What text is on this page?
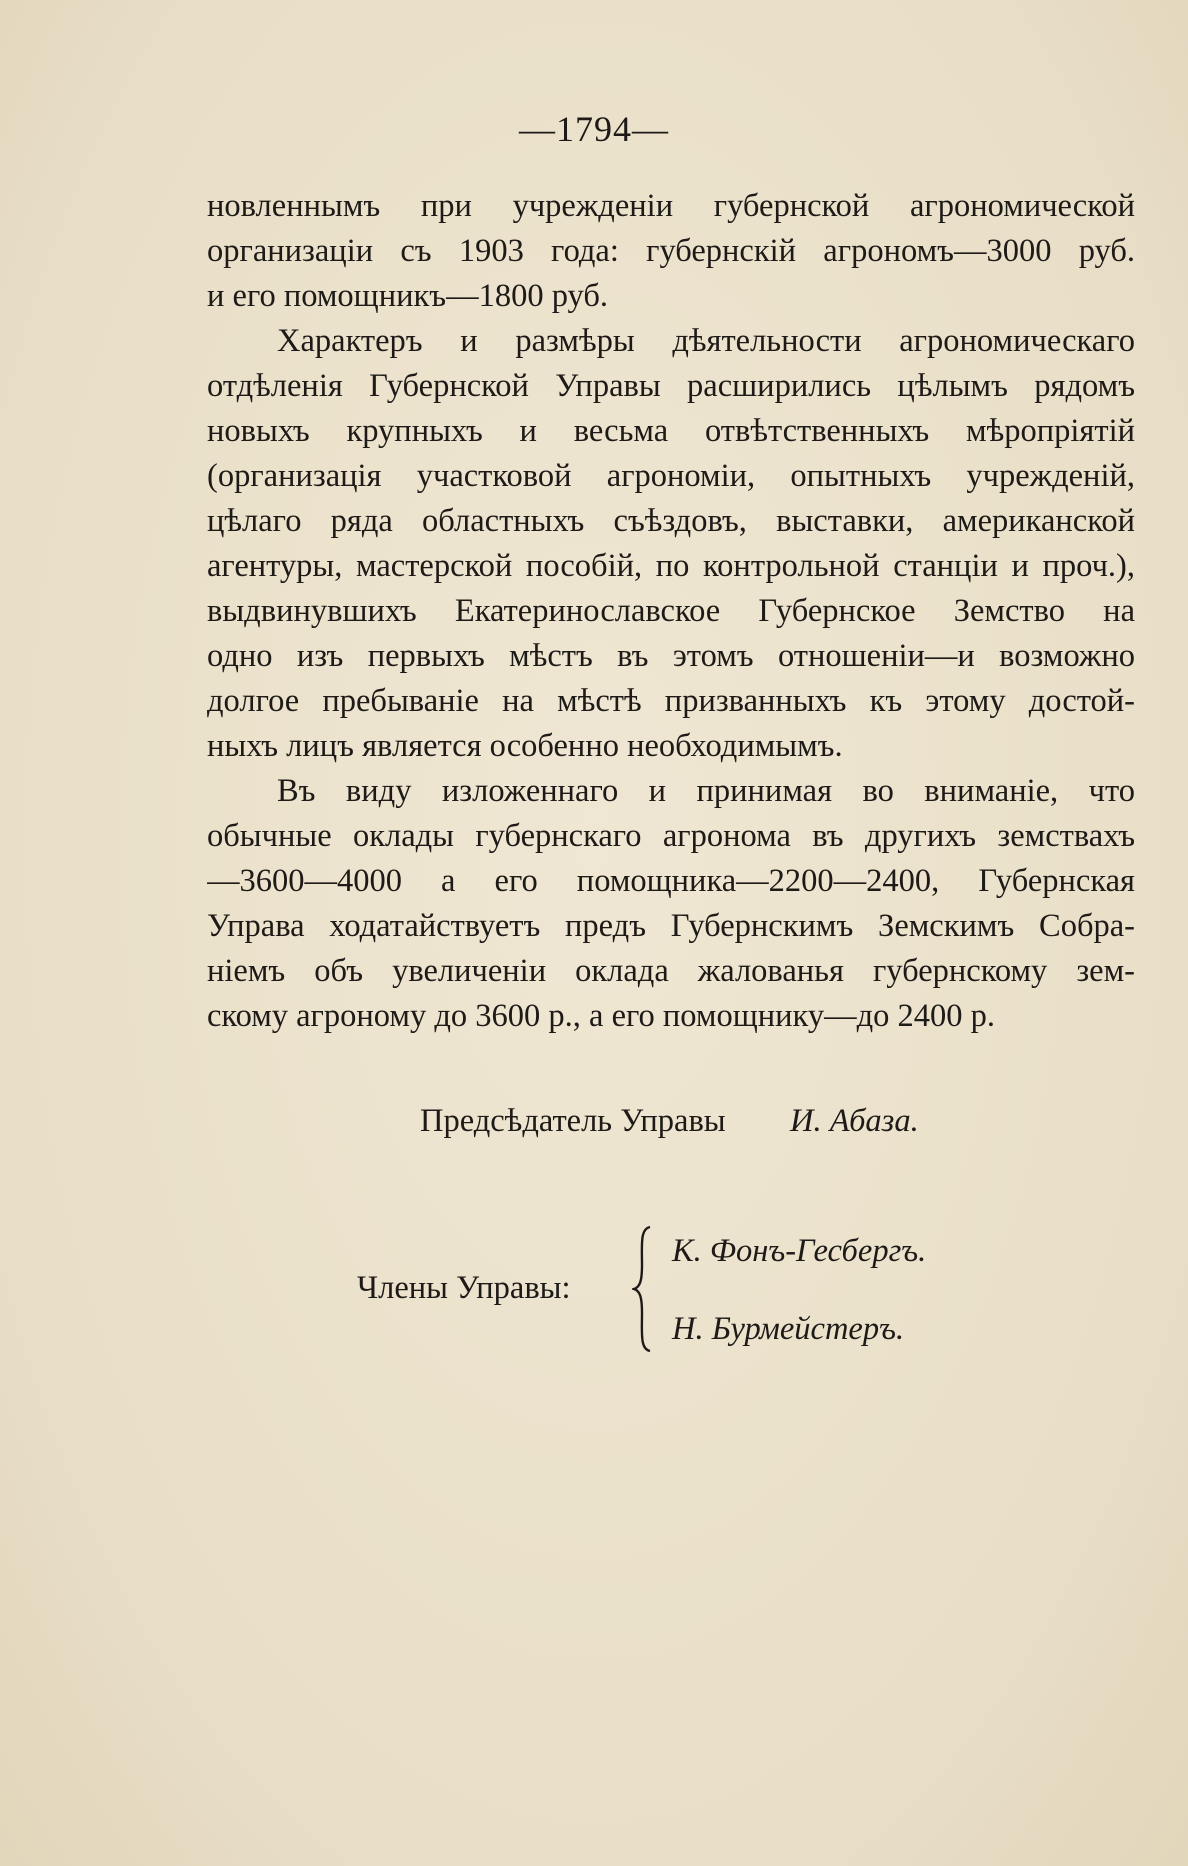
—1794—
новленнымъ при учрежденіи губернской агрономической
организаціи съ 1903 года: губернскій агрономъ—3000 руб.
и его помощникъ—1800 руб.
Характеръ и размѣры дѣятельности агрономическаго
отдѣленія Губернской Управы расширились цѣлымъ рядомъ
новыхъ крупныхъ и весьма отвѣтственныхъ мѣропріятій
(организація участковой агрономіи, опытныхъ учрежденій,
цѣлаго ряда областныхъ съѣздовъ, выставки, американской
агентуры, мастерской пособій, по контрольной станціи и проч.),
выдвинувшихъ Екатеринославское Губернское Земство на
одно изъ первыхъ мѣстъ въ этомъ отношеніи—и возможно
долгое пребываніе на мѣстѣ призванныхъ къ этому достой-
ныхъ лицъ является особенно необходимымъ.
Въ виду изложеннаго и принимая во вниманіе, что
обычные оклады губернскаго агронома въ другихъ земствахъ
—3600—4000 а его помощника—2200—2400, Губернская
Управа ходатайствуетъ предъ Губернскимъ Земскимъ Собра-
ніемъ объ увеличеніи оклада жалованья губернскому зем-
скому агроному до 3600 р., а его помощнику—до 2400 р.
Предсѣдатель Управы И. Абаза.
Члены Управы:
К. Фонъ-Гесбергъ.
Н. Бурмейстеръ.
